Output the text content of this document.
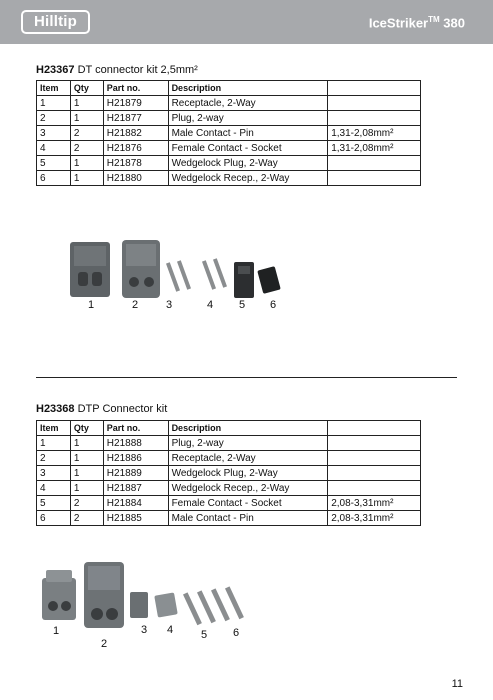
Hilltip	IceStriker™ 380
H23367 DT connector kit 2,5mm²
Item	Qty	Part no.	Description	
1	1	H21879	Receptacle, 2-Way	
2	1	H21877	Plug, 2-way	
3	2	H21882	Male Contact - Pin	1,31-2,08mm²
4	2	H21876	Female Contact - Socket	1,31-2,08mm²
5	1	H21878	Wedgelock Plug, 2-Way	
6	1	H21880	Wedgelock Recep., 2-Way	
1	2	3	4 5 6
H23368 DTP Connector kit
Item	Qty	Part no.	Description	
1	1	H21888	Plug, 2-way	
2	1	H21886	Receptacle, 2-Way	
3	1	H21889	Wedgelock Plug, 2-Way	
4	1	H21887	Wedgelock Recep., 2-Way	
5	2	H21884	Female Contact - Socket	2,08-3,31mm²
6	2	H21885	Male Contact - Pin	2,08-3,31mm²
1
2
3 4	5 6
11
